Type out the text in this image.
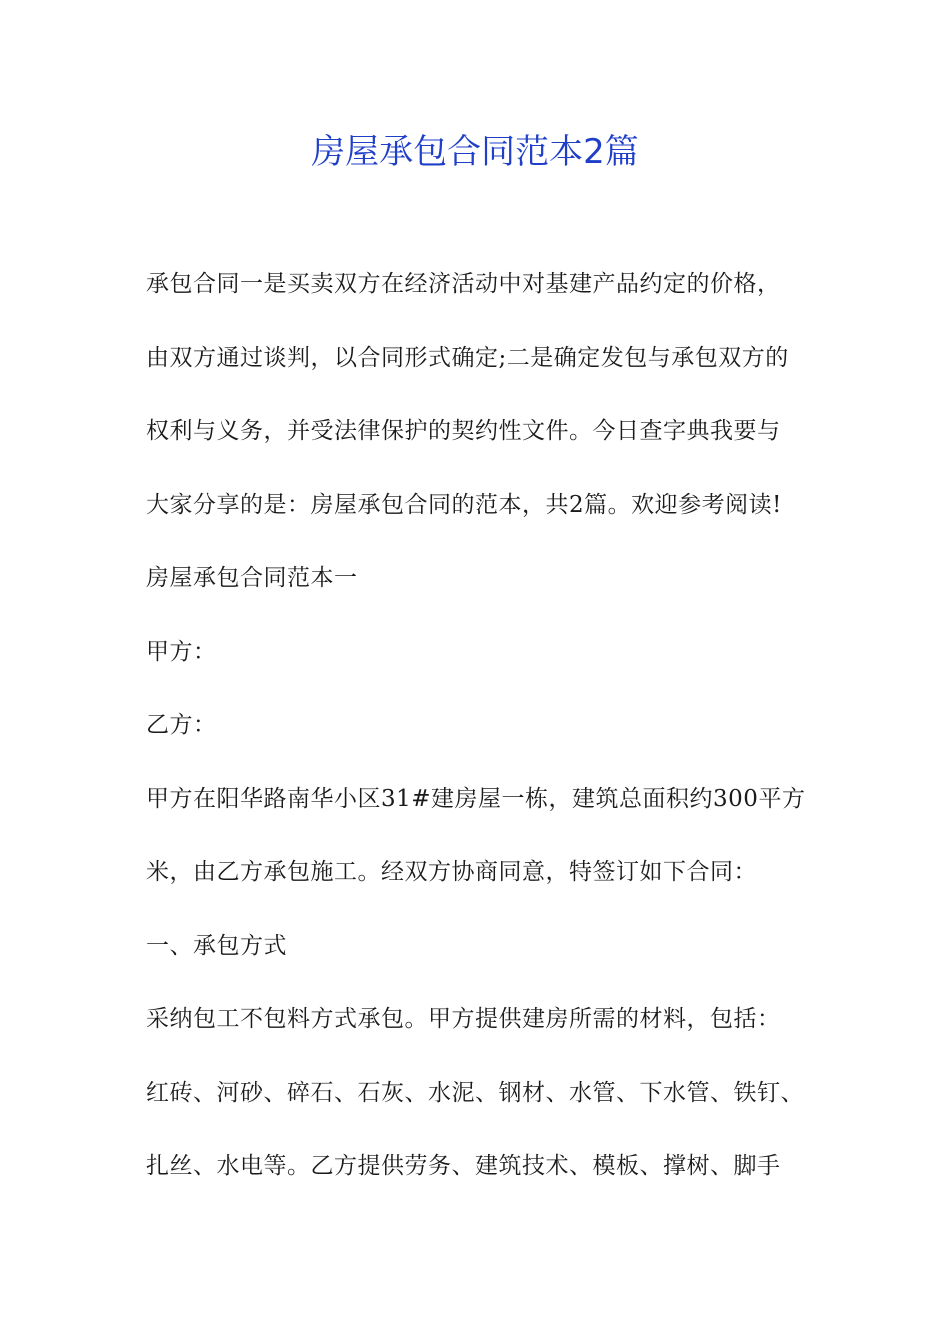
房屋承包合同范本2篇
承包合同一是买卖双方在经济活动中对基建产品约定的价格，
由双方通过谈判，以合同形式确定;二是确定发包与承包双方的
权利与义务，并受法律保护的契约性文件。今日查字典我要与
大家分享的是：房屋承包合同的范本，共2篇。欢迎参考阅读!
房屋承包合同范本一
甲方：
乙方：
甲方在阳华路南华小区31#建房屋一栋，建筑总面积约300平方
米，由乙方承包施工。经双方协商同意，特签订如下合同：
一、承包方式
采纳包工不包料方式承包。甲方提供建房所需的材料，包括：
红砖、河砂、碎石、石灰、水泥、钢材、水管、下水管、铁钉、
扎丝、水电等。乙方提供劳务、建筑技术、模板、撑树、脚手
